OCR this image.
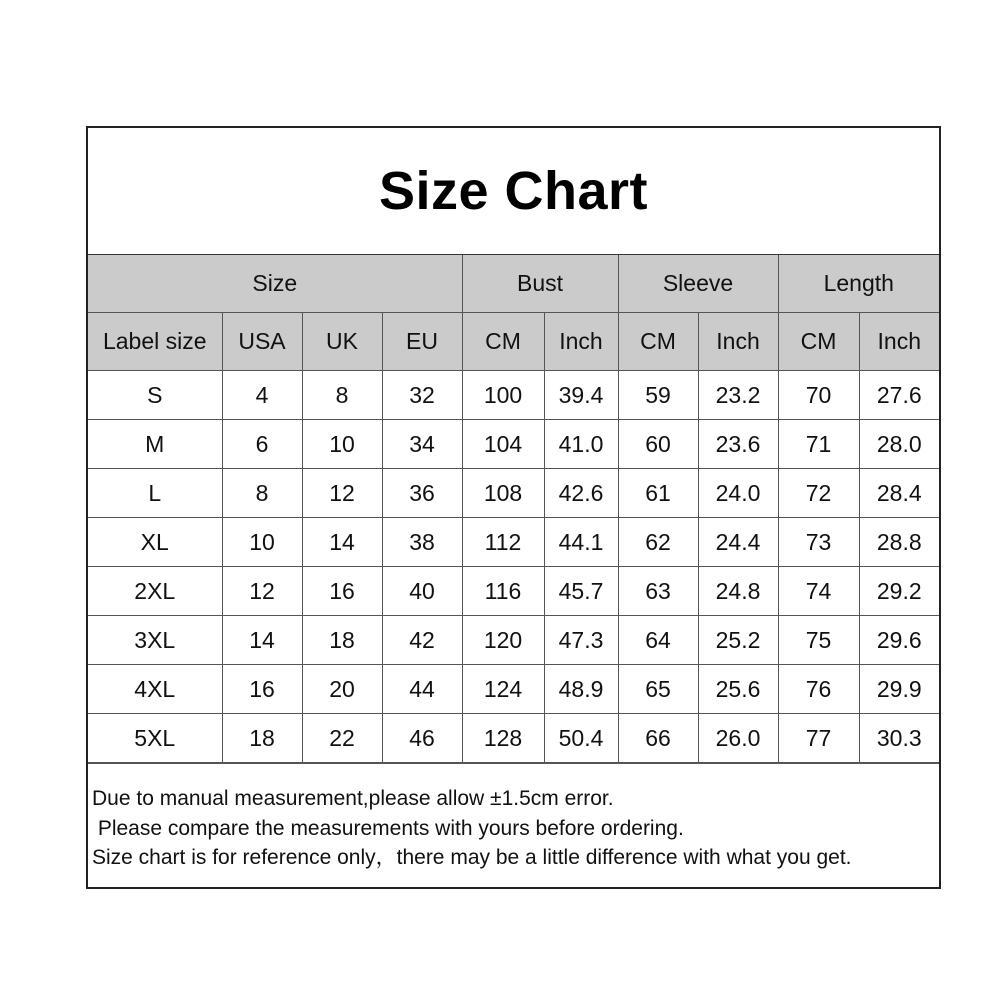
Size Chart
Size				Bust		Sleeve		Length	
Label size	USA	UK	EU	CM	Inch	CM	Inch	CM	Inch
S	4	8	32	100	39.4	59	23.2	70	27.6
M	6	10	34	104	41.0	60	23.6	71	28.0
L	8	12	36	108	42.6	61	24.0	72	28.4
XL	10	14	38	112	44.1	62	24.4	73	28.8
2XL	12	16	40	116	45.7	63	24.8	74	29.2
3XL	14	18	42	120	47.3	64	25.2	75	29.6
4XL	16	20	44	124	48.9	65	25.6	76	29.9
5XL	18	22	46	128	50.4	66	26.0	77	30.3
Due to manual measurement,please allow ±1.5cm error.
Please compare the measurements with yours before ordering.
Size chart is for reference only，there may be a little difference with what you get.
